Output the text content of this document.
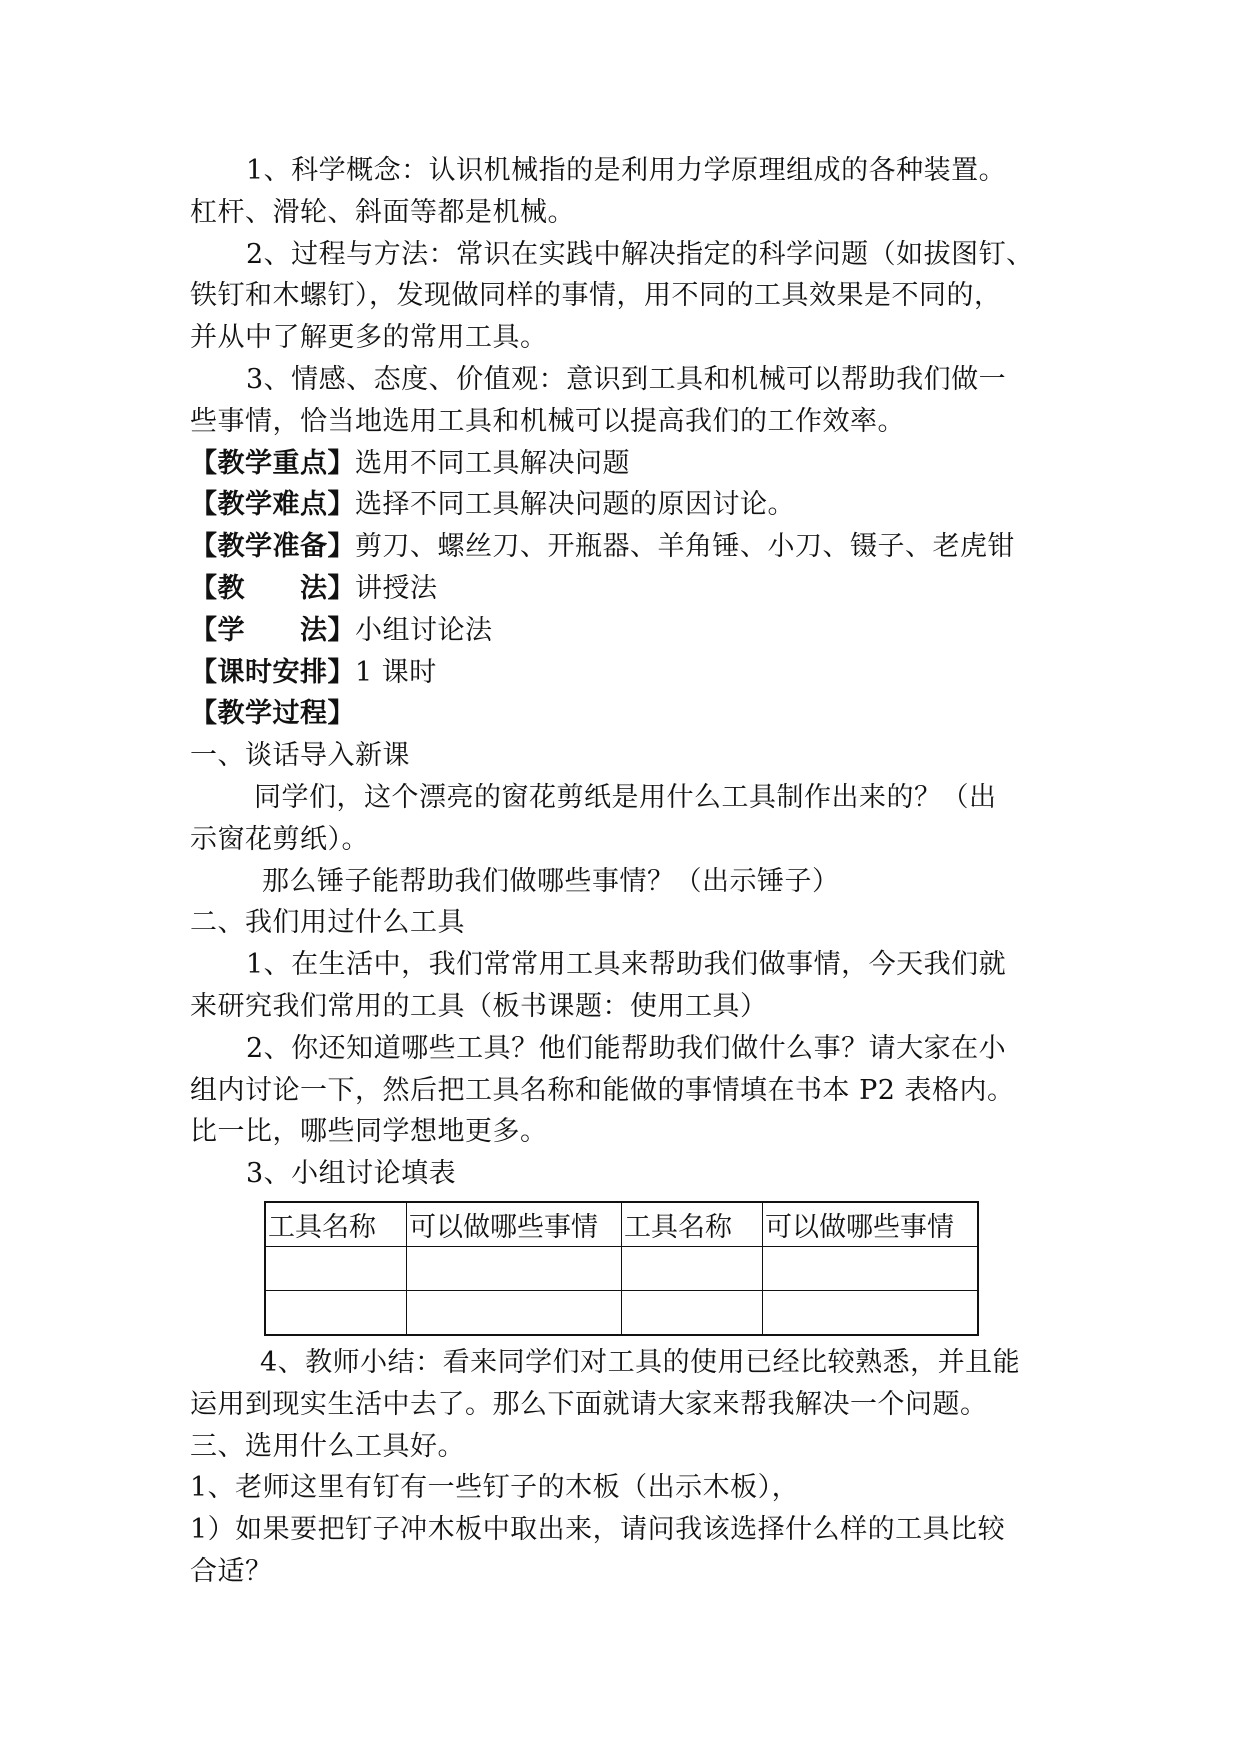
1、科学概念：认识机械指的是利用力学原理组成的各种装置。
杠杆、滑轮、斜面等都是机械。
2、过程与方法：常识在实践中解决指定的科学问题（如拔图钉、
铁钉和木螺钉），发现做同样的事情，用不同的工具效果是不同的，
并从中了解更多的常用工具。
3、情感、态度、价值观：意识到工具和机械可以帮助我们做一
些事情，恰当地选用工具和机械可以提高我们的工作效率。
【教学重点】选用不同工具解决问题
【教学难点】选择不同工具解决问题的原因讨论。
【教学准备】剪刀、螺丝刀、开瓶器、羊角锤、小刀、镊子、老虎钳
【教　　法】讲授法
【学　　法】小组讨论法
【课时安排】1 课时
【教学过程】
一、谈话导入新课
同学们，这个漂亮的窗花剪纸是用什么工具制作出来的？（出
示窗花剪纸）。
那么锤子能帮助我们做哪些事情？（出示锤子）
二、我们用过什么工具
1、在生活中，我们常常用工具来帮助我们做事情，今天我们就
来研究我们常用的工具（板书课题：使用工具）
2、你还知道哪些工具？他们能帮助我们做什么事？请大家在小
组内讨论一下，然后把工具名称和能做的事情填在书本 P2 表格内。
比一比，哪些同学想地更多。
3、小组讨论填表
工具名称	可以做哪些事情	工具名称	可以做哪些事情

4、教师小结：看来同学们对工具的使用已经比较熟悉，并且能
运用到现实生活中去了。那么下面就请大家来帮我解决一个问题。
三、选用什么工具好。
1、老师这里有钉有一些钉子的木板（出示木板），
1）如果要把钉子冲木板中取出来，请问我该选择什么样的工具比较
合适？
